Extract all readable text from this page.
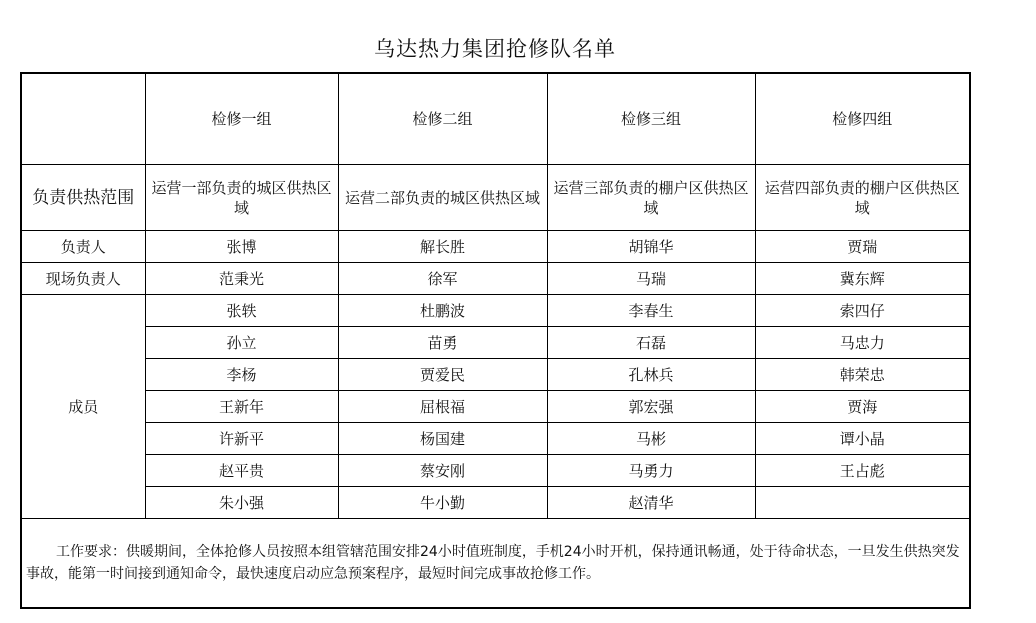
乌达热力集团抢修队名单
	检修一组	检修二组	检修三组	检修四组
负责供热范围	运营一部负责的城区供热区域	运营二部负责的城区供热区域	运营三部负责的棚户区供热区域	运营四部负责的棚户区供热区域
负责人	张博	解长胜	胡锦华	贾瑞
现场负责人	范秉光	徐军	马瑞	冀东辉
成员	张轶	杜鹏波	李春生	索四仔
	孙立	苗勇	石磊	马忠力
	李杨	贾爱民	孔林兵	韩荣忠
	王新年	屈根福	郭宏强	贾海
	许新平	杨国建	马彬	谭小晶
	赵平贵	蔡安刚	马勇力	王占彪
	朱小强	牛小勤	赵清华	
工作要求：供暖期间，全体抢修人员按照本组管辖范围安排24小时值班制度，手机24小时开机，保持通讯畅通，处于待命状态，一旦发生供热突发事故，能第一时间接到通知命令，最快速度启动应急预案程序，最短时间完成事故抢修工作。				
